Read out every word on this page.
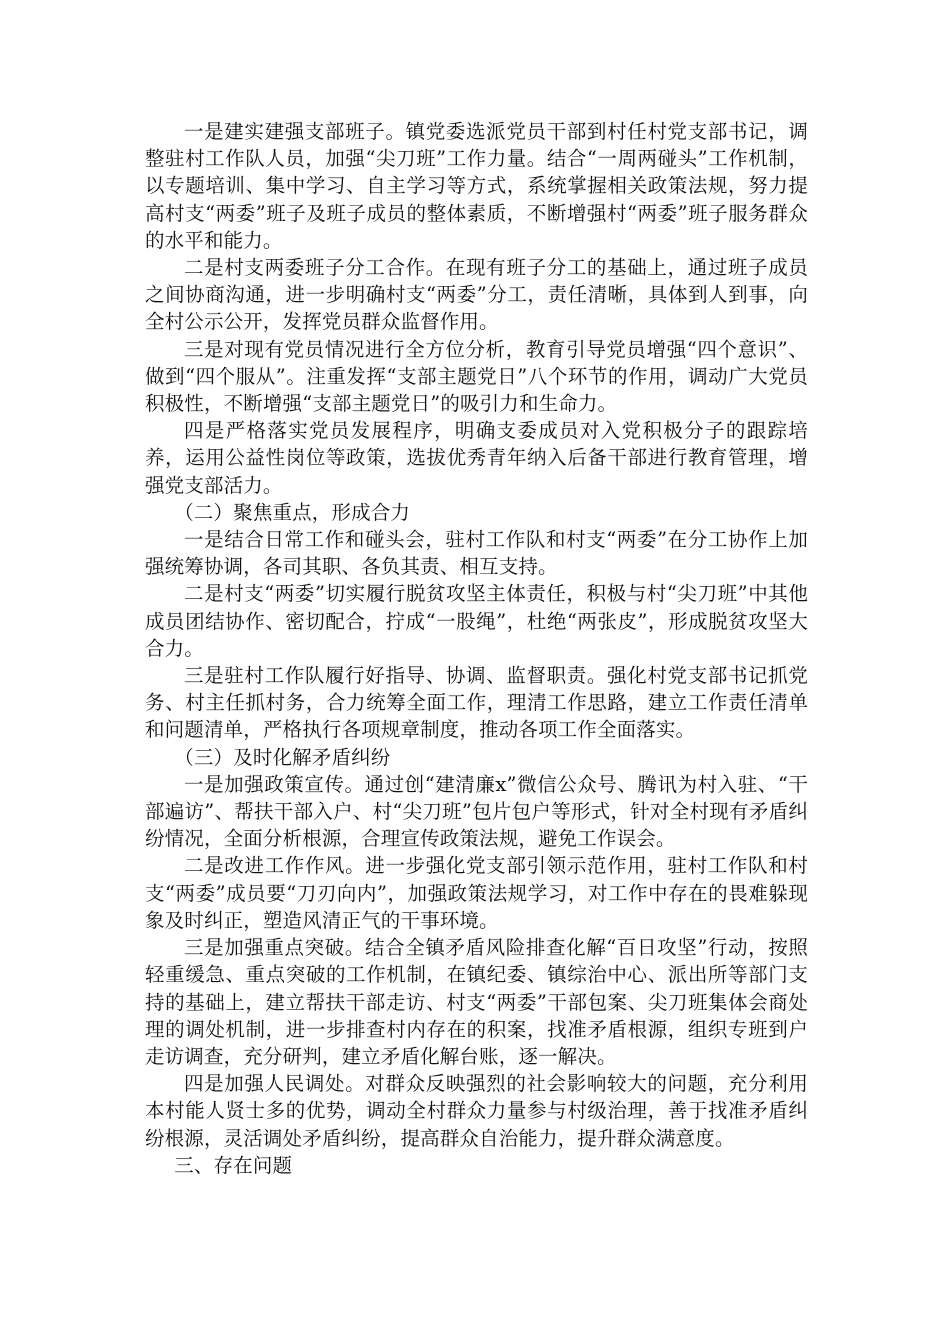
一是建实建强支部班子。镇党委选派党员干部到村任村党支部书记，调整驻村工作队人员，加强“尖刀班”工作力量。结合“一周两碰头”工作机制，以专题培训、集中学习、自主学习等方式，系统掌握相关政策法规，努力提高村支“两委”班子及班子成员的整体素质，不断增强村“两委”班子服务群众的水平和能力。

二是村支两委班子分工合作。在现有班子分工的基础上，通过班子成员之间协商沟通，进一步明确村支“两委”分工，责任清晰，具体到人到事，向全村公示公开，发挥党员群众监督作用。

三是对现有党员情况进行全方位分析，教育引导党员增强“四个意识”、做到“四个服从”。注重发挥“支部主题党日”八个环节的作用，调动广大党员积极性，不断增强“支部主题党日”的吸引力和生命力。

四是严格落实党员发展程序，明确支委成员对入党积极分子的跟踪培养，运用公益性岗位等政策，选拔优秀青年纳入后备干部进行教育管理，增强党支部活力。

（二）聚焦重点，形成合力

一是结合日常工作和碰头会，驻村工作队和村支“两委”在分工协作上加强统筹协调，各司其职、各负其责、相互支持。

二是村支“两委”切实履行脱贫攻坚主体责任，积极与村“尖刀班”中其他成员团结协作、密切配合，拧成“一股绳”，杜绝“两张皮”，形成脱贫攻坚大合力。

三是驻村工作队履行好指导、协调、监督职责。强化村党支部书记抓党务、村主任抓村务，合力统筹全面工作，理清工作思路，建立工作责任清单和问题清单，严格执行各项规章制度，推动各项工作全面落实。

（三）及时化解矛盾纠纷

一是加强政策宣传。通过创“建清廉x”微信公众号、腾讯为村入驻、“干部遍访”、帮扶干部入户、村“尖刀班”包片包户等形式，针对全村现有矛盾纠纷情况，全面分析根源，合理宣传政策法规，避免工作误会。

二是改进工作作风。进一步强化党支部引领示范作用，驻村工作队和村支“两委”成员要“刀刃向内”，加强政策法规学习，对工作中存在的畏难躲现象及时纠正，塑造风清正气的干事环境。

三是加强重点突破。结合全镇矛盾风险排查化解“百日攻坚”行动，按照轻重缓急、重点突破的工作机制，在镇纪委、镇综治中心、派出所等部门支持的基础上，建立帮扶干部走访、村支“两委”干部包案、尖刀班集体会商处理的调处机制，进一步排查村内存在的积案，找准矛盾根源，组织专班到户走访调查，充分研判，建立矛盾化解台账，逐一解决。

四是加强人民调处。对群众反映强烈的社会影响较大的问题，充分利用本村能人贤士多的优势，调动全村群众力量参与村级治理，善于找准矛盾纠纷根源，灵活调处矛盾纠纷，提高群众自治能力，提升群众满意度。

三、存在问题
